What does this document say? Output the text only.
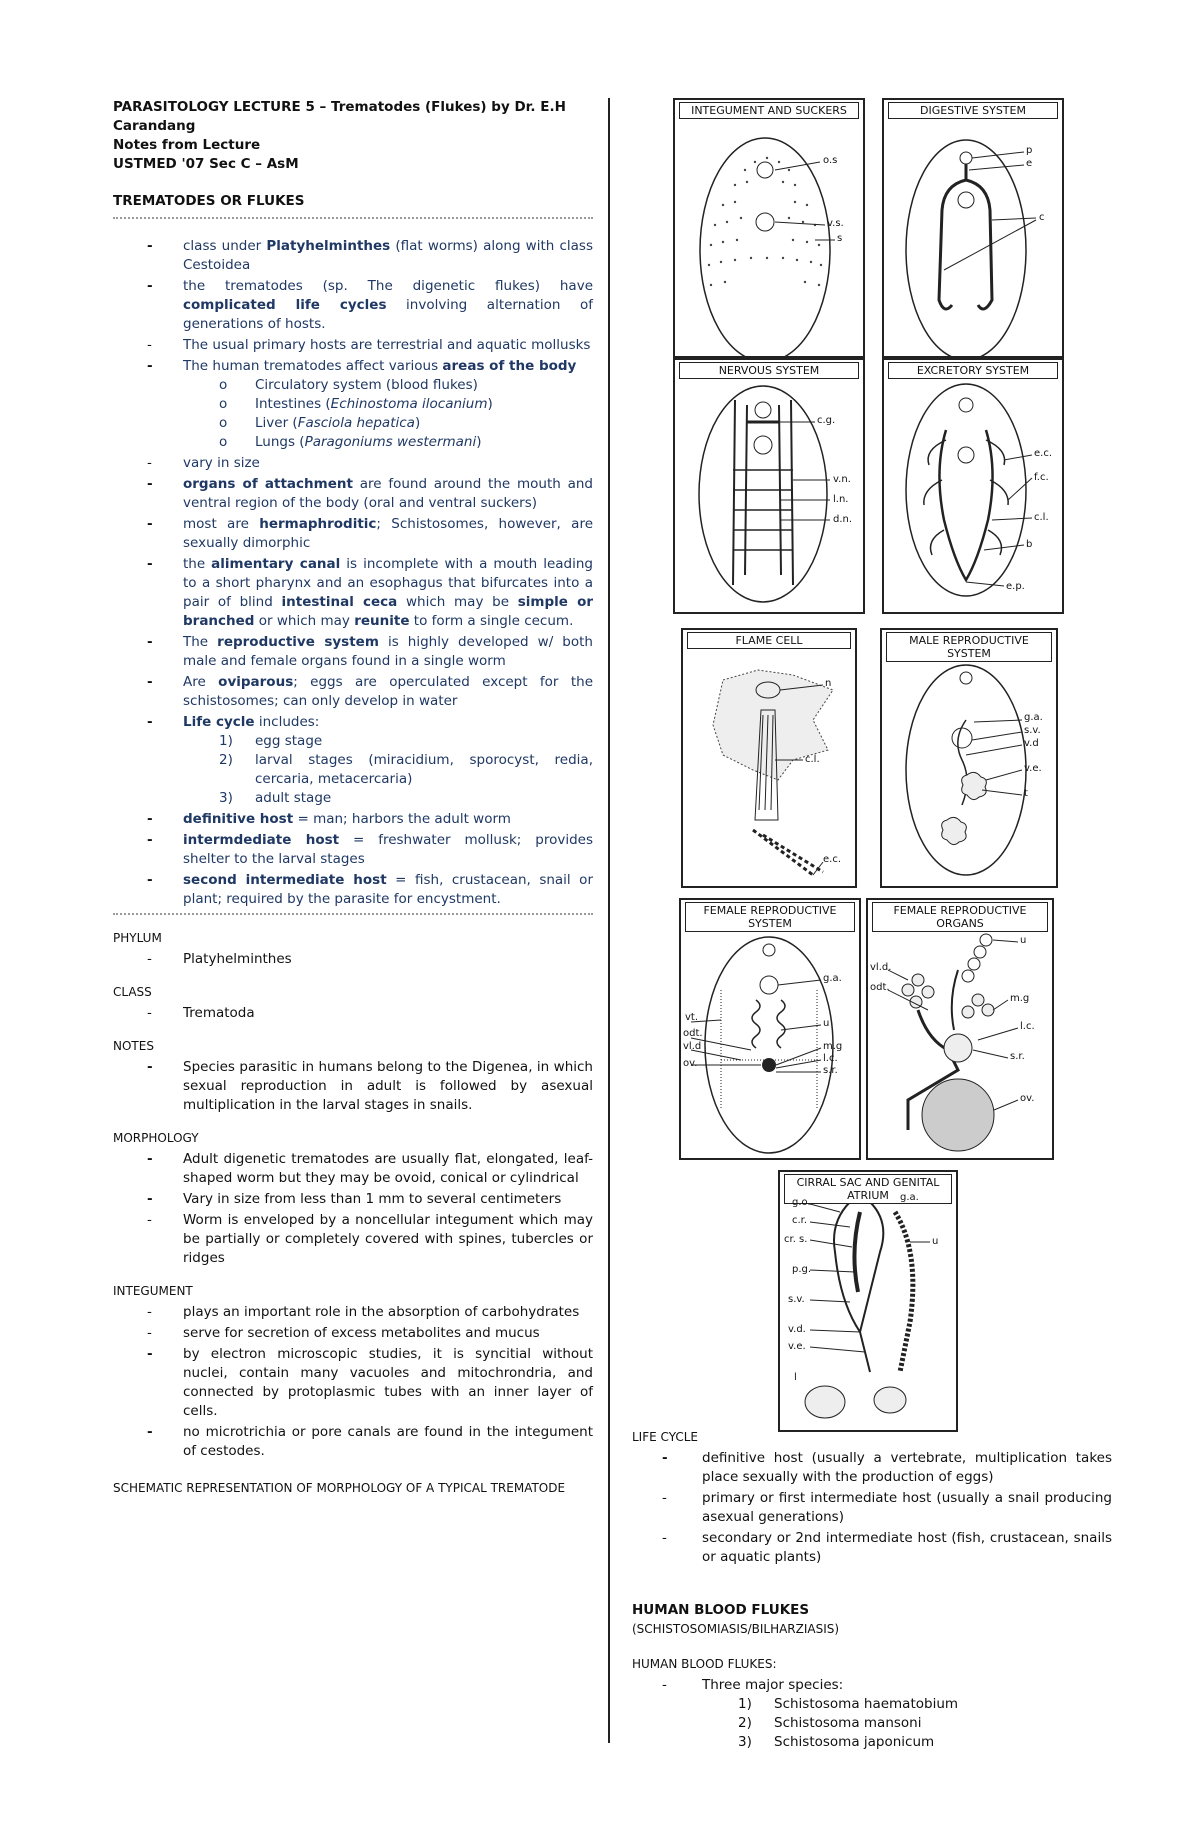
PARASITOLOGY LECTURE 5 – Trematodes (Flukes) by Dr. E.H
Carandang
Notes from Lecture
USTMED '07 Sec C – AsM
TREMATODES OR FLUKES
- class under Platyhelminthes (flat worms) along with class Cestoidea
- the trematodes (sp. The digenetic flukes) have complicated life cycles involving alternation of generations of hosts.
- The usual primary hosts are terrestrial and aquatic mollusks
- The human trematodes affect various areas of the body
o Circulatory system (blood flukes)
o Intestines (Echinostoma ilocanium)
o Liver (Fasciola hepatica)
o Lungs (Paragoniums westermani)
- vary in size
- organs of attachment are found around the mouth and ventral region of the body (oral and ventral suckers)
- most are hermaphroditic; Schistosomes, however, are sexually dimorphic
- the alimentary canal is incomplete with a mouth leading to a short pharynx and an esophagus that bifurcates into a pair of blind intestinal ceca which may be simple or branched or which may reunite to form a single cecum.
- The reproductive system is highly developed w/ both male and female organs found in a single worm
- Are oviparous; eggs are operculated except for the schistosomes; can only develop in water
- Life cycle includes:
1) egg stage
2) larval stages (miracidium, sporocyst, redia, cercaria, metacercaria)
3) adult stage
- definitive host = man; harbors the adult worm
- intermdediate host = freshwater mollusk; provides shelter to the larval stages
- second intermediate host = fish, crustacean, snail or plant; required by the parasite for encystment.
PHYLUM
- Platyhelminthes
CLASS
- Trematoda
NOTES
- Species parasitic in humans belong to the Digenea, in which sexual reproduction in adult is followed by asexual multiplication in the larval stages in snails.
MORPHOLOGY
- Adult digenetic trematodes are usually flat, elongated, leaf-shaped worm but they may be ovoid, conical or cylindrical
- Vary in size from less than 1 mm to several centimeters
- Worm is enveloped by a noncellular integument which may be partially or completely covered with spines, tubercles or ridges
INTEGUMENT
- plays an important role in the absorption of carbohydrates
- serve for secretion of excess metabolites and mucus
- by electron microscopic studies, it is syncitial without nuclei, contain many vacuoles and mitochrondria, and connected by protoplasmic tubes with an inner layer of cells.
- no microtrichia or pore canals are found in the integument of cestodes.
SCHEMATIC REPRESENTATION OF MORPHOLOGY OF A TYPICAL TREMATODE
INTEGUMENT AND SUCKERS
o.s
v.s.
s
DIGESTIVE SYSTEM
p
e
c
NERVOUS SYSTEM
c.g.
v.n.
l.n.
d.n.
EXCRETORY SYSTEM
e.c.
f.c.
c.l.
b
e.p.
FLAME CELL
n
c.l.
e.c.
MALE REPRODUCTIVE SYSTEM
g.a.
s.v.
v.d
v.e.
t
FEMALE REPRODUCTIVE SYSTEM
vt.
odt.
vl.d
ov.
g.a.
u
m.g
l.c.
s.r.
FEMALE REPRODUCTIVE ORGANS
vl.d.
odt.
u
m.g
l.c.
s.r.
ov.
CIRRAL SAC AND GENITAL ATRIUM
g.o.	g.a.
c.r.
cr. s.
p.g.
s.v.
v.d.
v.e.
l
u
LIFE CYCLE
-	definitive host (usually a vertebrate, multiplication takes place sexually with the production of eggs)
-	primary or first intermediate host (usually a snail producing asexual generations)
-	secondary or 2nd intermediate host (fish, crustacean, snails or aquatic plants)
HUMAN BLOOD FLUKES
(SCHISTOSOMIASIS/BILHARZIASIS)
HUMAN BLOOD FLUKES:
-	Three major species:
1) Schistosoma haematobium
2) Schistosoma mansoni
3) Schistosoma japonicum
